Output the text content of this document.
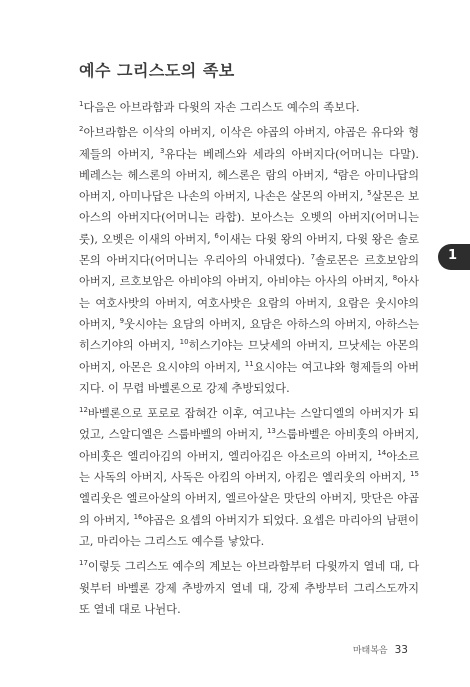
예수 그리스도의 족보

$^1$다음은 아브라함과 다윗의 자손 그리스도 예수의 족보다.

$^2$아브라함은 이삭의 아버지, 이삭은 야곱의 아버지, 야곱은 유다와 형제들의 아버지, $^3$유다는 베레스와 세라의 아버지다(어머니는 다말). 베레스는 헤스론의 아버지, 헤스론은 람의 아버지, $^4$람은 아미나답의 아버지, 아미나답은 나손의 아버지, 나손은 살몬의 아버지, $^5$살몬은 보아스의 아버지다(어머니는 라합). 보아스는 오벳의 아버지(어머니는 룻), 오벳은 이새의 아버지, $^6$이새는 다윗 왕의 아버지, 다윗 왕은 솔로몬의 아버지다(어머니는 우리아의 아내였다). $^7$솔로몬은 르호보암의 아버지, 르호보암은 아비야의 아버지, 아비야는 아사의 아버지, $^8$아사는 여호사밧의 아버지, 여호사밧은 요람의 아버지, 요람은 웃시야의 아버지, $^9$웃시야는 요담의 아버지, 요담은 아하스의 아버지, 아하스는 히스기야의 아버지, $^{10}$히스기야는 므낫세의 아버지, 므낫세는 아몬의 아버지, 아몬은 요시야의 아버지, $^{11}$요시야는 여고냐와 형제들의 아버지다. 이 무렵 바벨론으로 강제 추방되었다.

$^{12}$바벨론으로 포로로 잡혀간 이후, 여고냐는 스알디엘의 아버지가 되었고, 스알디엘은 스룹바벨의 아버지, $^{13}$스룹바벨은 아비훗의 아버지, 아비훗은 엘리아김의 아버지, 엘리아김은 아소르의 아버지, $^{14}$아소르는 사독의 아버지, 사독은 아킴의 아버지, 아킴은 엘리웃의 아버지, $^{15}$엘리웃은 엘르아살의 아버지, 엘르아살은 맛단의 아버지, 맛단은 야곱의 아버지, $^{16}$야곱은 요셉의 아버지가 되었다. 요셉은 마리아의 남편이고, 마리아는 그리스도 예수를 낳았다.

$^{17}$이렇듯 그리스도 예수의 계보는 아브라함부터 다윗까지 열네 대, 다윗부터 바벨론 강제 추방까지 열네 대, 강제 추방부터 그리스도까지 또 열네 대로 나뉜다.

1
마태복음 33
